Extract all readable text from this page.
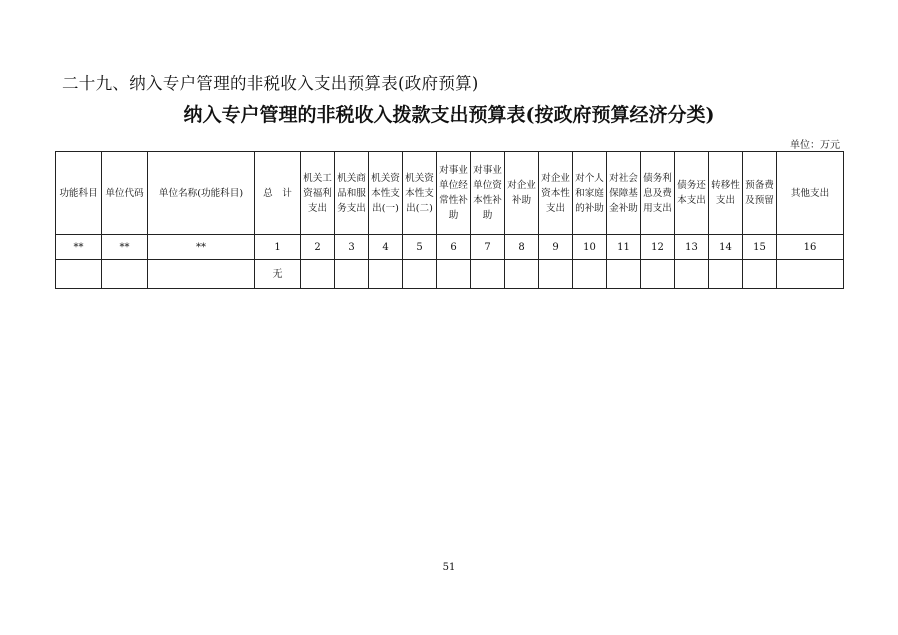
二十九、纳入专户管理的非税收入支出预算表(政府预算)
纳入专户管理的非税收入拨款支出预算表(按政府预算经济分类)
单位：万元
功能科目	单位代码	单位名称(功能科目)	总　计	机关工资福利支出	机关商品和服务支出	机关资本性支出(一)	机关资本性支出(二)	对事业单位经常性补助	对事业单位资本性补助	对企业补助	对企业资本性支出	对个人和家庭的补助	对社会保障基金补助	债务利息及费用支出	债务还本支出	转移性支出	预备费及预留	其他支出
**	**	**	1	2	3	4	5	6	7	8	9	10	11	12	13	14	15	16
			无															
51
